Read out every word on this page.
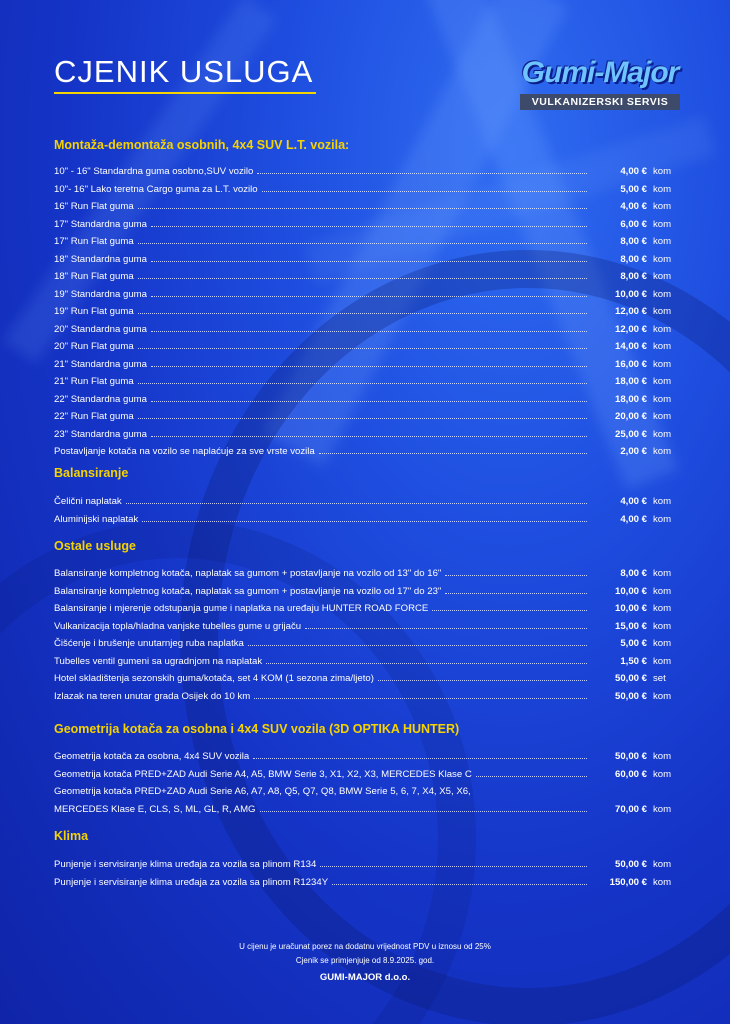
CJENIK USLUGA	Gumi-Major
VULKANIZERSKI SERVIS
Montaža-demontaža osobnih, 4x4 SUV L.T. vozila:
10" - 16" Standardna guma osobno,SUV vozilo	4,00 € kom
10"- 16" Lako teretna Cargo guma za L.T. vozilo	5,00 € kom
16" Run Flat guma	4,00 € kom
17" Standardna guma	6,00 € kom
17" Run Flat guma	8,00 € kom
18" Standardna guma	8,00 € kom
18" Run Flat guma	8,00 € kom
19" Standardna guma	10,00 € kom
19" Run Flat guma	12,00 € kom
20" Standardna guma	12,00 € kom
20" Run Flat guma	14,00 € kom
21" Standardna guma	16,00 € kom
21" Run Flat guma	18,00 € kom
22" Standardna guma	18,00 € kom
22" Run Flat guma	20,00 € kom
23" Standardna guma	25,00 € kom
Postavljanje kotača na vozilo se naplaćuje za sve vrste vozila	2,00 € kom
Balansiranje
Čelični naplatak	4,00 € kom
Aluminijski naplatak	4,00 € kom
Ostale usluge
Balansiranje kompletnog kotača, naplatak sa gumom + postavljanje na vozilo od 13" do 16"	8,00 € kom
Balansiranje kompletnog kotača, naplatak sa gumom + postavljanje na vozilo od 17" do 23"	10,00 € kom
Balansiranje i mjerenje odstupanja gume i naplatka na uređaju HUNTER ROAD FORCE	10,00 € kom
Vulkanizacija topla/hladna vanjske tubelles gume u grijaču	15,00 € kom
Čišćenje i brušenje unutarnjeg ruba naplatka	5,00 € kom
Tubelles ventil gumeni sa ugradnjom na naplatak	1,50 € kom
Hotel skladištenja sezonskih guma/kotača, set 4 KOM (1 sezona zima/ljeto)	50,00 € set
Izlazak na teren unutar grada Osijek do 10 km	50,00 € kom
Geometrija kotača za osobna i 4x4 SUV vozila (3D OPTIKA HUNTER)
Geometrija kotača za osobna, 4x4 SUV vozila	50,00 € kom
Geometrija kotača PRED+ZAD Audi Serie A4, A5, BMW Serie 3, X1, X2, X3, MERCEDES Klase C	60,00 € kom
Geometrija kotača PRED+ZAD Audi Serie A6, A7, A8, Q5, Q7, Q8, BMW Serie 5, 6, 7, X4, X5, X6,
MERCEDES Klase E, CLS, S, ML, GL, R, AMG	70,00 € kom
Klima
Punjenje i servisiranje klima uređaja za vozila sa plinom R134	50,00 € kom
Punjenje i servisiranje klima uređaja za vozila sa plinom R1234Y	150,00 € kom
U cijenu je uračunat porez na dodatnu vrijednost PDV u iznosu od 25%
Cjenik se primjenjuje od 8.9.2025. god.
GUMI-MAJOR d.o.o.
